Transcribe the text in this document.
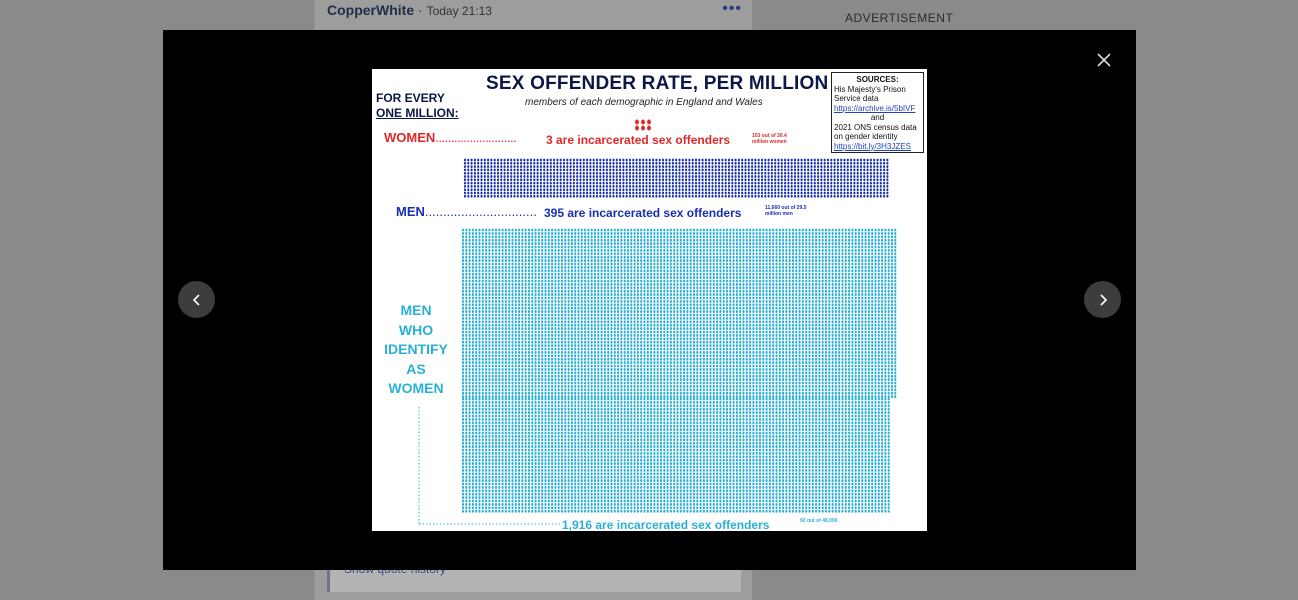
CopperWhite · Today 21:13	•••
ADVERTISEMENT
SEX OFFENDER RATE, PER MILLION
members of each demographic in England and Wales
FOR EVERY
ONE MILLION:
SOURCES:
His Majesty's Prison Service data
https://archive.is/5bIVF
and
2021 ONS census data on gender identity
https://bit.ly/3H3JZES
WOMEN.......................... 3 are incarcerated sex offenders	103 out of 30.4 million women
MEN............................... 395 are incarcerated sex offenders	11,660 out of 29.5 million men
MEN
WHO
IDENTIFY
AS
WOMEN
1,916 are incarcerated sex offenders	92 out of 48,000
